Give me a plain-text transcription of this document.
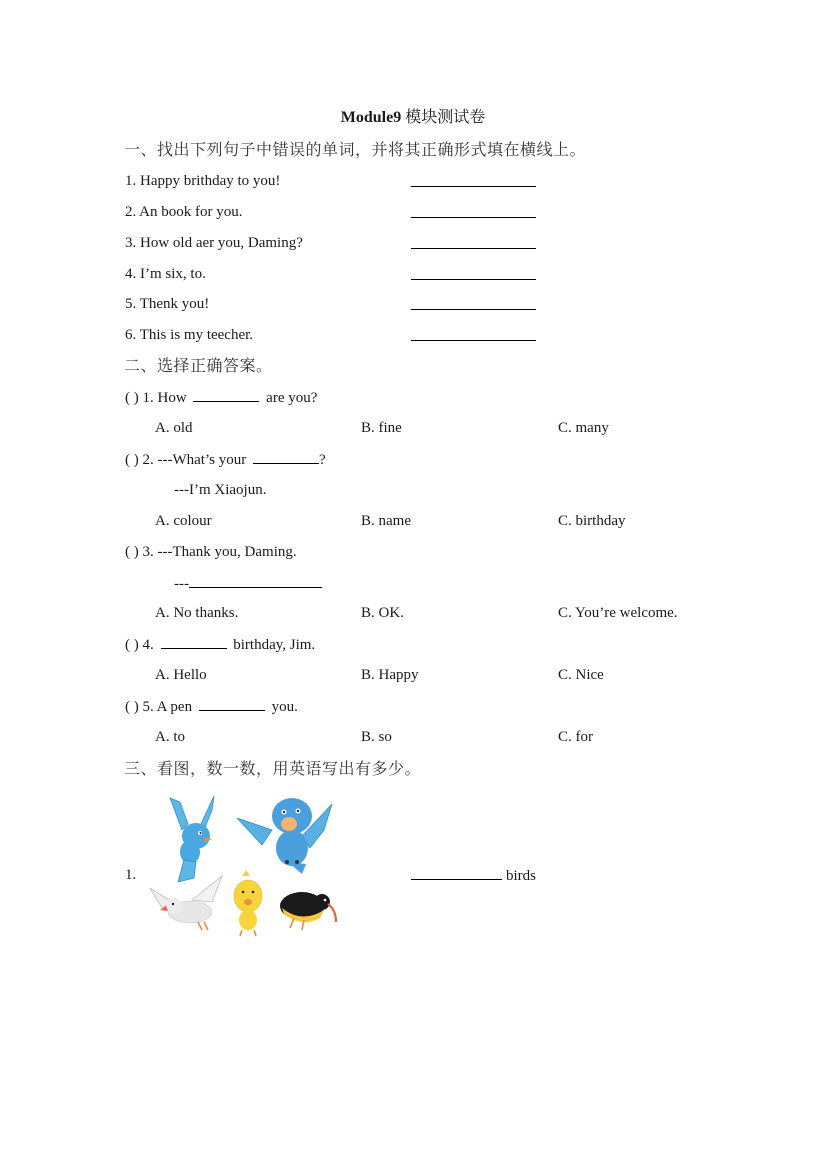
Module9 模块测试卷
一、找出下列句子中错误的单词，并将其正确形式填在横线上。
1. Happy brithday to you!
2. An book for you.
3. How old aer you, Daming?
4. I’m six, to.
5. Thenk you!
6. This is my teecher.
二、选择正确答案。
( ) 1. How	are you?
A. old	B. fine	C. many
( ) 2. ---What’s your	?
---I’m Xiaojun.
A. colour	B. name	C. birthday
( ) 3. ---Thank you, Daming.
---
A. No thanks.	B. OK.	C. You’re welcome.
( ) 4.	birthday, Jim.
A. Hello	B. Happy	C. Nice
( ) 5. A pen	you.
A. to	B. so	C. for
三、看图，数一数，用英语写出有多少。
1.	birds
